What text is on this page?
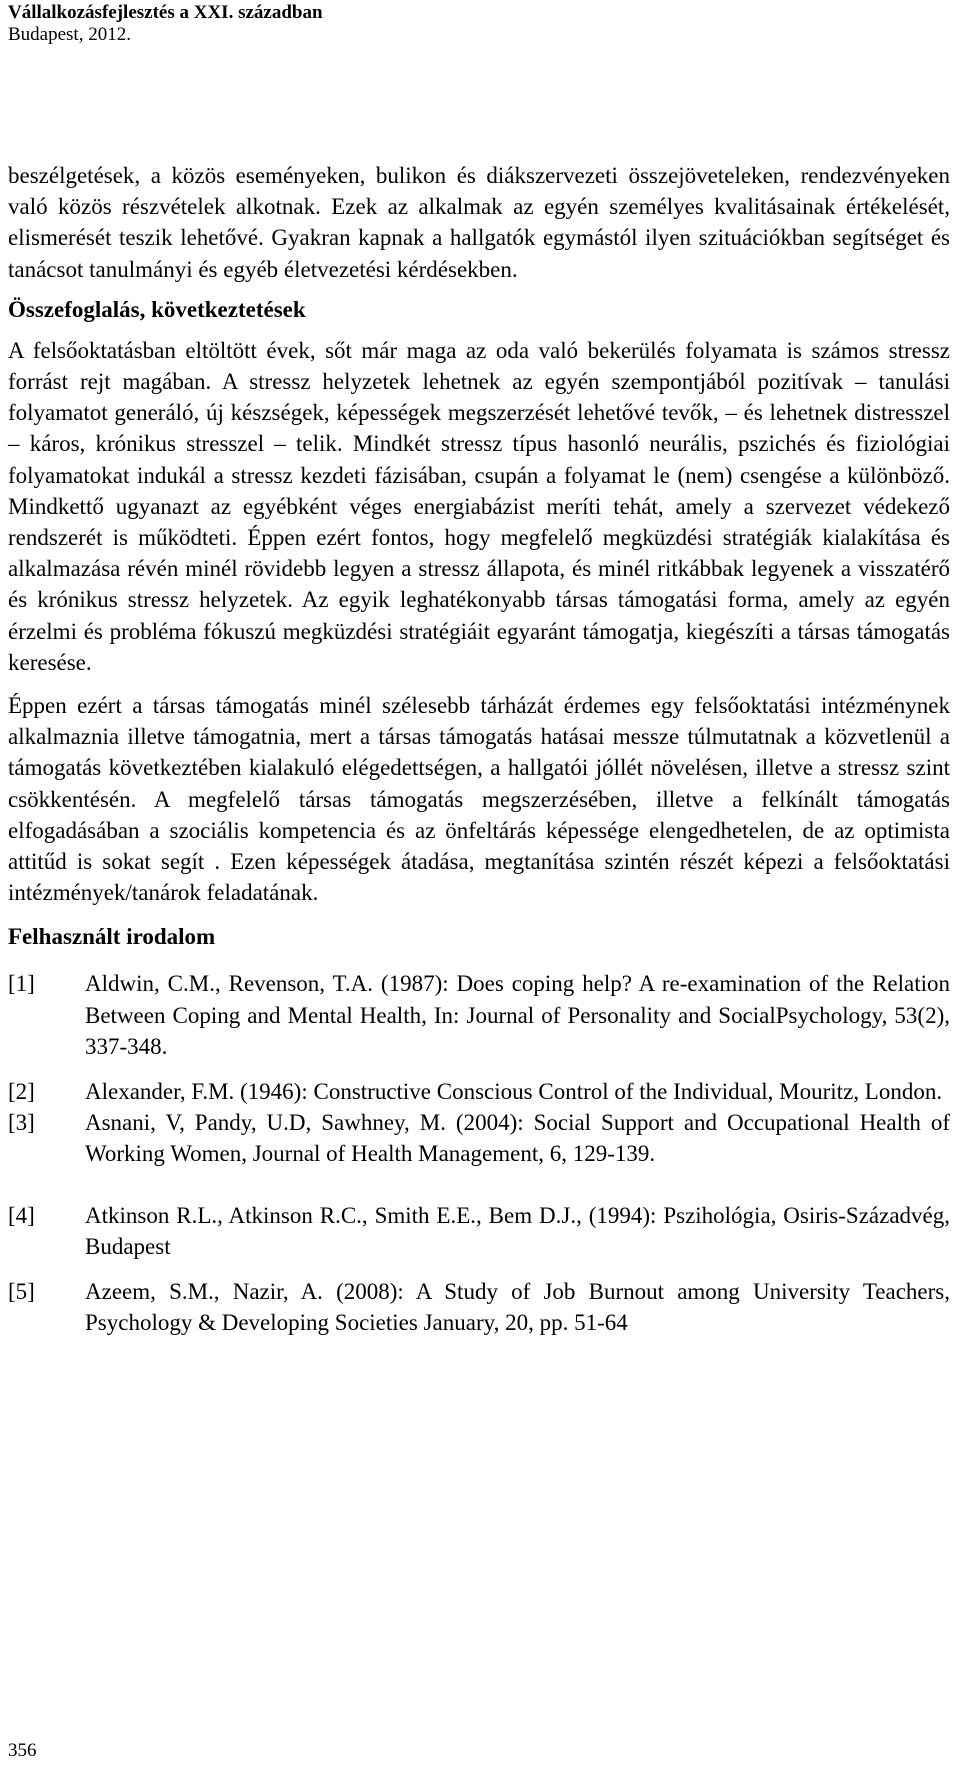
Vállalkozásfejlesztés a XXI. században
Budapest, 2012.

beszélgetések, a közös eseményeken, bulikon és diákszervezeti összejöveteleken, rendezvényeken való közös részvételek alkotnak. Ezek az alkalmak az egyén személyes kvalitásainak értékelését, elismerését teszik lehetővé. Gyakran kapnak a hallgatók egymástól ilyen szituációkban segítséget és tanácsot tanulmányi és egyéb életvezetési kérdésekben.

Összefoglalás, következtetések

A felsőoktatásban eltöltött évek, sőt már maga az oda való bekerülés folyamata is számos stressz forrást rejt magában. A stressz helyzetek lehetnek az egyén szempontjából pozitívak – tanulási folyamatot generáló, új készségek, képességek megszerzését lehetővé tevők, – és lehetnek distresszel – káros, krónikus stresszel – telik. Mindkét stressz típus hasonló neurális, pszichés és fiziológiai folyamatokat indukál a stressz kezdeti fázisában, csupán a folyamat le (nem) csengése a különböző. Mindkettő ugyanazt az egyébként véges energiabázist meríti tehát, amely a szervezet védekező rendszerét is működteti. Éppen ezért fontos, hogy megfelelő megküzdési stratégiák kialakítása és alkalmazása révén minél rövidebb legyen a stressz állapota, és minél ritkábbak legyenek a visszatérő és krónikus stressz helyzetek. Az egyik leghatékonyabb társas támogatási forma, amely az egyén érzelmi és probléma fókuszú megküzdési stratégiáit egyaránt támogatja, kiegészíti a társas támogatás keresése.

Éppen ezért a társas támogatás minél szélesebb tárházát érdemes egy felsőoktatási intézménynek alkalmaznia illetve támogatnia, mert a társas támogatás hatásai messze túlmutatnak a közvetlenül a támogatás következtében kialakuló elégedettségen, a hallgatói jóllét növelésen, illetve a stressz szint csökkentésén. A megfelelő társas támogatás megszerzésében, illetve a felkínált támogatás elfogadásában a szociális kompetencia és az önfeltárás képessége elengedhetelen, de az optimista attitűd is sokat segít . Ezen képességek átadása, megtanítása szintén részét képezi a felsőoktatási intézmények/tanárok feladatának.

Felhasznált irodalom
[1]	Aldwin, C.M., Revenson, T.A. (1987): Does coping help? A re-examination of the Relation Between Coping and Mental Health, In: Journal of Personality and SocialPsychology, 53(2), 337-348.
[2]	Alexander, F.M. (1946): Constructive Conscious Control of the Individual, Mouritz, London.
[3]	Asnani, V, Pandy, U.D, Sawhney, M. (2004): Social Support and Occupational Health of Working Women, Journal of Health Management, 6, 129-139.
[4]	Atkinson R.L., Atkinson R.C., Smith E.E., Bem D.J., (1994): Pszihológia, Osiris-Századvég, Budapest
[5]	Azeem, S.M., Nazir, A. (2008): A Study of Job Burnout among University Teachers, Psychology & Developing Societies January, 20, pp. 51-64
356
